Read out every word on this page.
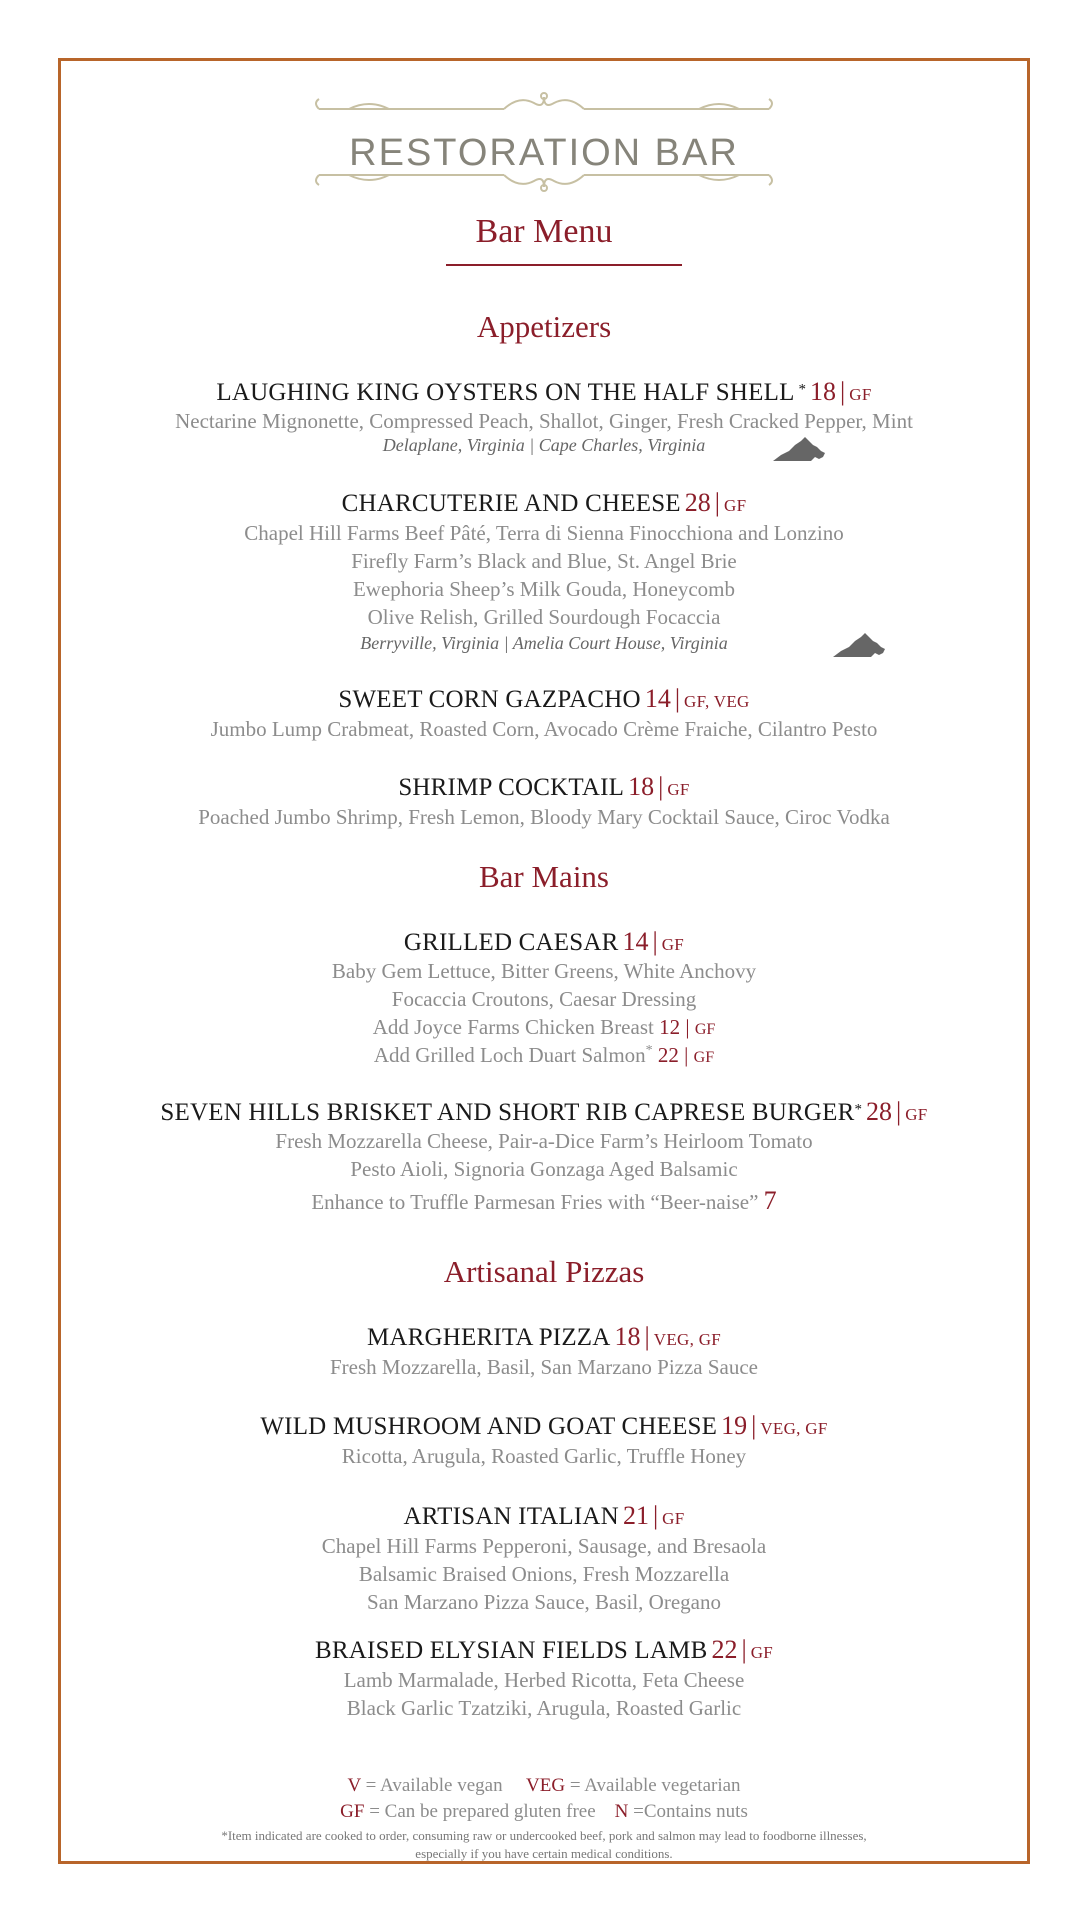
RESTORATION BAR
Bar Menu
Appetizers
LAUGHING KING OYSTERS ON THE HALF SHELL * 18 | GF
Nectarine Mignonette, Compressed Peach, Shallot, Ginger, Fresh Cracked Pepper, Mint
Delaplane, Virginia | Cape Charles, Virginia
CHARCUTERIE AND CHEESE 28 | GF
Chapel Hill Farms Beef Pâté, Terra di Sienna Finocchiona and Lonzino
Firefly Farm’s Black and Blue, St. Angel Brie
Ewephoria Sheep’s Milk Gouda, Honeycomb
Olive Relish, Grilled Sourdough Focaccia
Berryville, Virginia | Amelia Court House, Virginia
SWEET CORN GAZPACHO 14 | GF, VEG
Jumbo Lump Crabmeat, Roasted Corn, Avocado Crème Fraiche, Cilantro Pesto
SHRIMP COCKTAIL 18 | GF
Poached Jumbo Shrimp, Fresh Lemon, Bloody Mary Cocktail Sauce, Ciroc Vodka
Bar Mains
GRILLED CAESAR 14 | GF
Baby Gem Lettuce, Bitter Greens, White Anchovy
Focaccia Croutons, Caesar Dressing
Add Joyce Farms Chicken Breast 12 | GF
Add Grilled Loch Duart Salmon* 22 | GF
SEVEN HILLS BRISKET AND SHORT RIB CAPRESE BURGER* 28 | GF
Fresh Mozzarella Cheese, Pair-a-Dice Farm’s Heirloom Tomato
Pesto Aioli, Signoria Gonzaga Aged Balsamic
Enhance to Truffle Parmesan Fries with “Beer-naise” 7
Artisanal Pizzas
MARGHERITA PIZZA 18 | VEG, GF
Fresh Mozzarella, Basil, San Marzano Pizza Sauce
WILD MUSHROOM AND GOAT CHEESE 19 | VEG, GF
Ricotta, Arugula, Roasted Garlic, Truffle Honey
ARTISAN ITALIAN 21 | GF
Chapel Hill Farms Pepperoni, Sausage, and Bresaola
Balsamic Braised Onions, Fresh Mozzarella
San Marzano Pizza Sauce, Basil, Oregano
BRAISED ELYSIAN FIELDS LAMB 22 | GF
Lamb Marmalade, Herbed Ricotta, Feta Cheese
Black Garlic Tzatziki, Arugula, Roasted Garlic
V = Available vegan VEG = Available vegetarian
GF = Can be prepared gluten free N =Contains nuts
*Item indicated are cooked to order, consuming raw or undercooked beef, pork and salmon may lead to foodborne illnesses,
especially if you have certain medical conditions.
